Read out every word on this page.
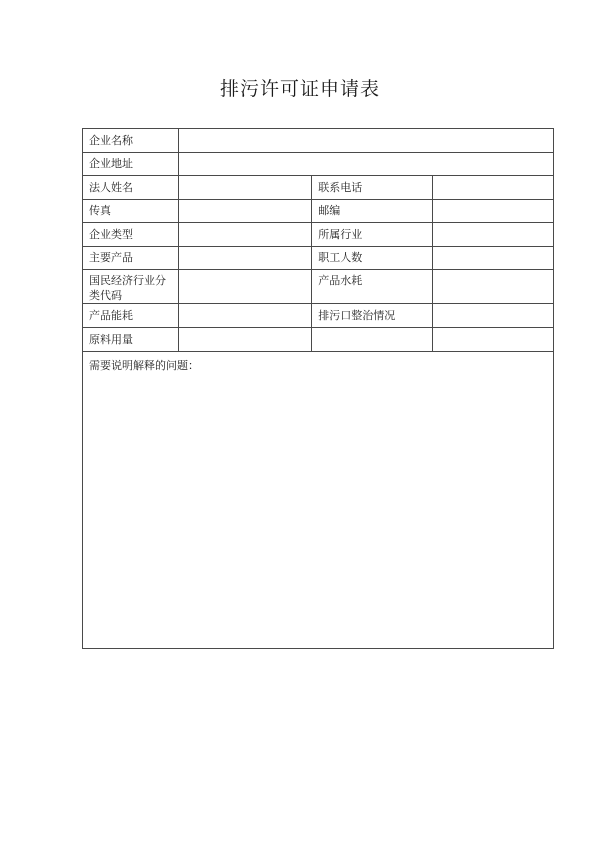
排污许可证申请表
企业名称			
企业地址			
法人姓名		联系电话	
传真		邮编	
企业类型		所属行业	
主要产品		职工人数	
国民经济行业分类代码		产品水耗	
产品能耗		排污口整治情况	
原料用量			
需要说明解释的问题：			
